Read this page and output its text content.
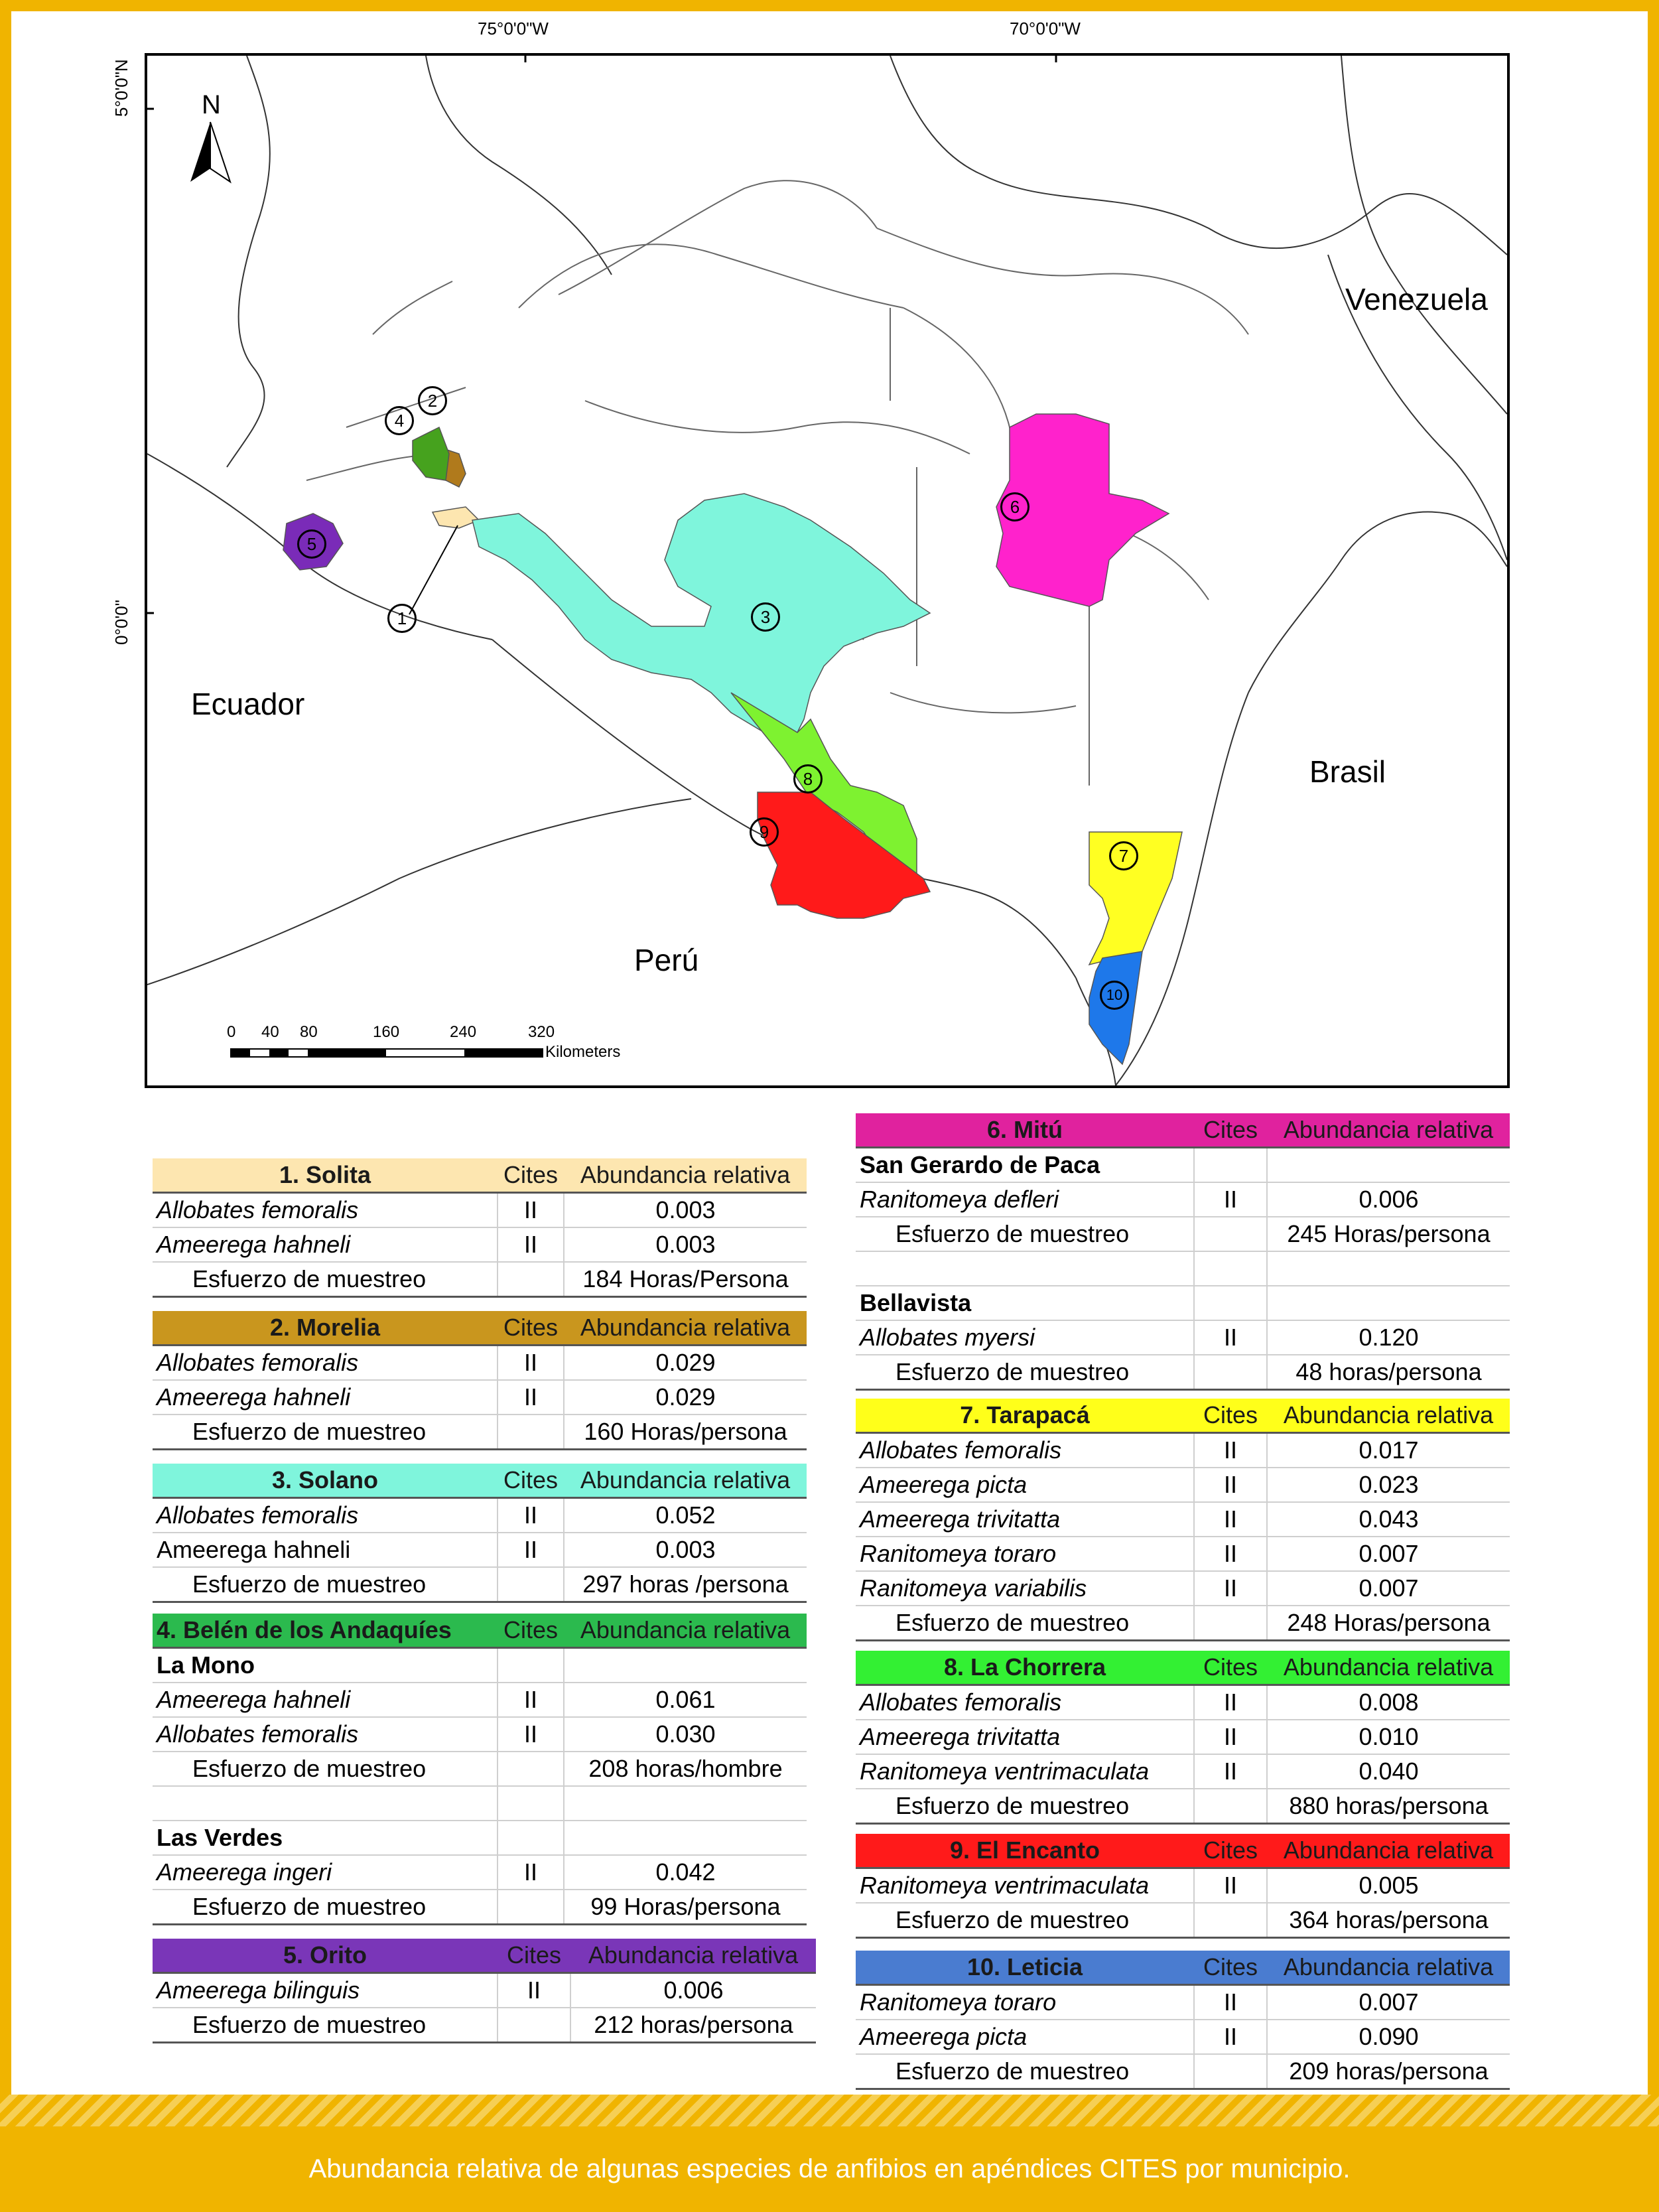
75°0'0"W	70°0'0"W
5°0'0"N
0°0'0"
N
Venezuela
Ecuador
Brasil
Perú
1
2
3
4
5
6
7
8
9
10
0 40 80	160	240	320
Kilometers
1. Solita	Cites	Abundancia relativa
Allobates femoralis	II	0.003
Ameerega hahneli	II	0.003
Esfuerzo de muestreo		184 Horas/Persona
2. Morelia	Cites	Abundancia relativa
Allobates femoralis	II	0.029
Ameerega hahneli	II	0.029
Esfuerzo de muestreo		160 Horas/persona
3. Solano	Cites	Abundancia relativa
Allobates femoralis	II	0.052
Ameerega hahneli	II	0.003
Esfuerzo de muestreo		297 horas /persona
4. Belén de los Andaquíes	Cites	Abundancia relativa
La Mono		
Ameerega hahneli	II	0.061
Allobates femoralis	II	0.030
Esfuerzo de muestreo		208 horas/hombre

Las Verdes		
Ameerega ingeri	II	0.042
Esfuerzo de muestreo		99 Horas/persona
5. Orito	Cites	Abundancia relativa
Ameerega bilinguis	II	0.006
Esfuerzo de muestreo		212 horas/persona
6. Mitú	Cites	Abundancia relativa
San Gerardo de Paca		
Ranitomeya defleri	II	0.006
Esfuerzo de muestreo		245 Horas/persona

Bellavista		
Allobates myersi	II	0.120
Esfuerzo de muestreo		48 horas/persona
7. Tarapacá	Cites	Abundancia relativa
Allobates femoralis	II	0.017
Ameerega picta	II	0.023
Ameerega trivitatta	II	0.043
Ranitomeya toraro	II	0.007
Ranitomeya variabilis	II	0.007
Esfuerzo de muestreo		248 Horas/persona
8. La Chorrera	Cites	Abundancia relativa
Allobates femoralis	II	0.008
Ameerega trivitatta	II	0.010
Ranitomeya ventrimaculata	II	0.040
Esfuerzo de muestreo		880 horas/persona
9. El Encanto	Cites	Abundancia relativa
Ranitomeya ventrimaculata	II	0.005
Esfuerzo de muestreo		364 horas/persona
10. Leticia	Cites	Abundancia relativa
Ranitomeya toraro	II	0.007
Ameerega picta	II	0.090
Esfuerzo de muestreo		209 horas/persona
Abundancia relativa de algunas especies de anfibios en apéndices CITES por municipio.
